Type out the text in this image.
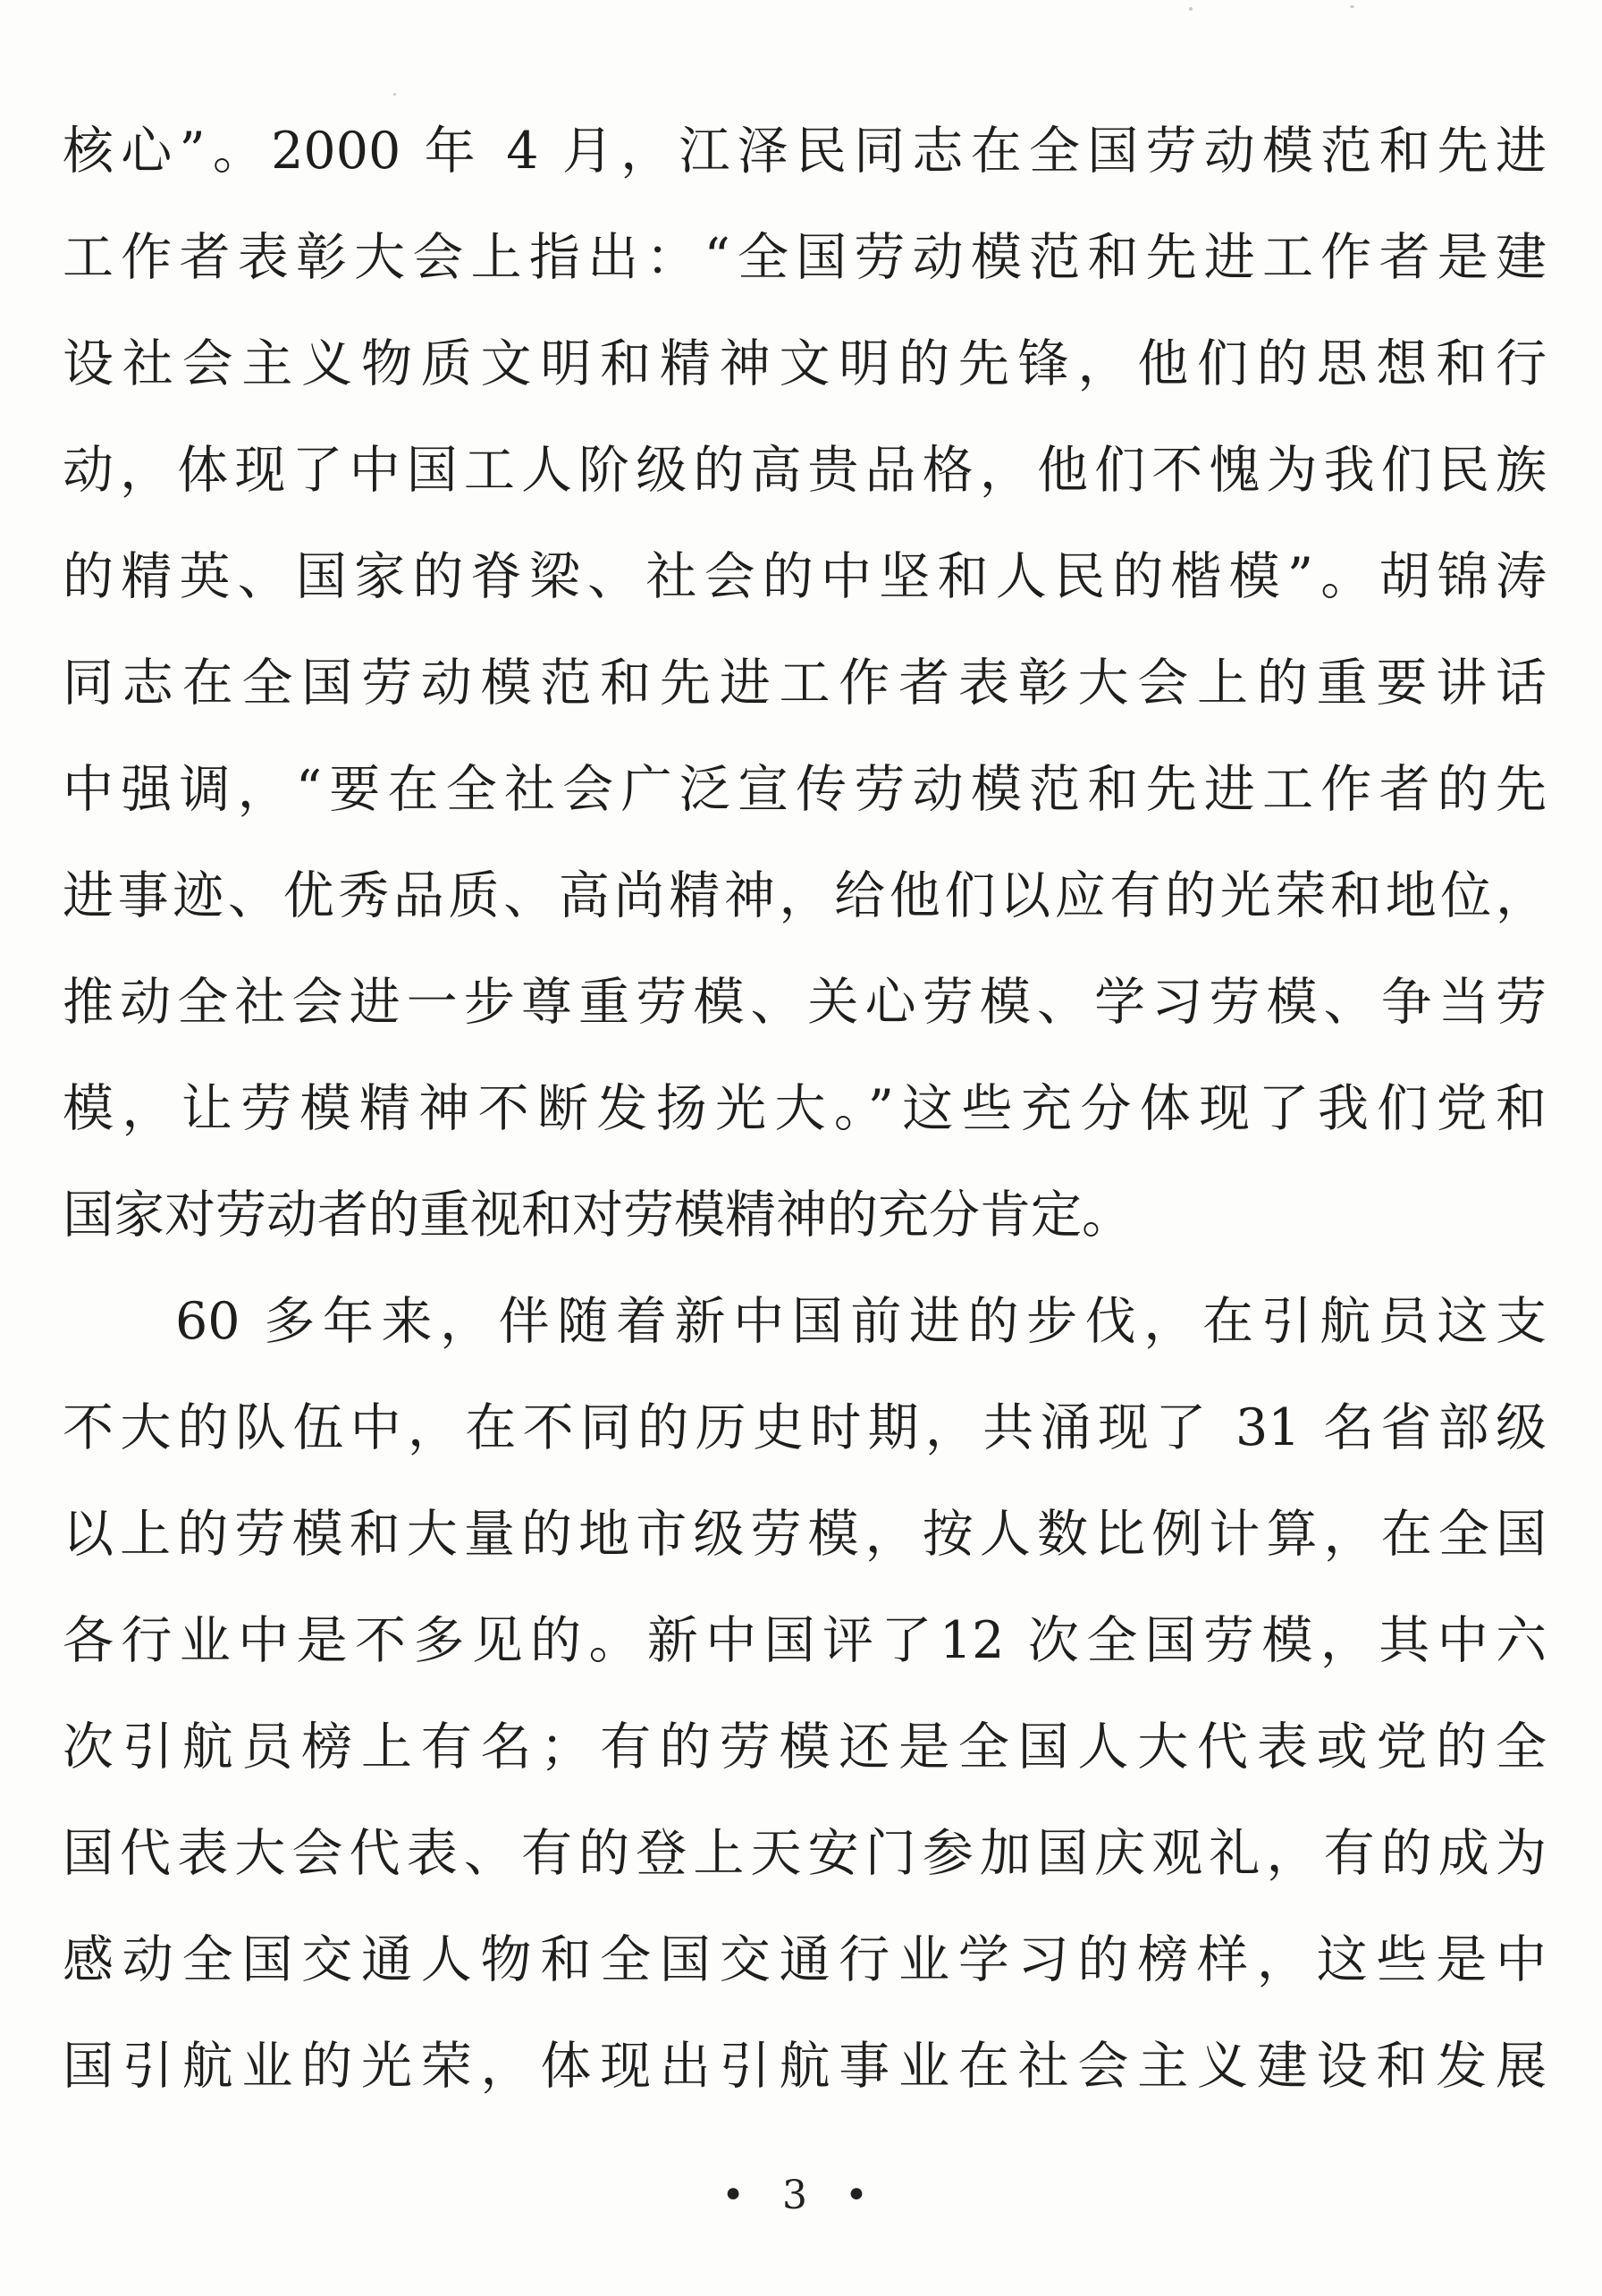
核心”。2000 年 4 月，江泽民同志在全国劳动模范和先进
工作者表彰大会上指出：“全国劳动模范和先进工作者是建
设社会主义物质文明和精神文明的先锋，他们的思想和行
动，体现了中国工人阶级的高贵品格，他们不愧为我们民族
的精英、国家的脊梁、社会的中坚和人民的楷模”。胡锦涛
同志在全国劳动模范和先进工作者表彰大会上的重要讲话
中强调，“要在全社会广泛宣传劳动模范和先进工作者的先
进事迹、优秀品质、高尚精神，给他们以应有的光荣和地位，
推动全社会进一步尊重劳模、关心劳模、学习劳模、争当劳
模，让劳模精神不断发扬光大。”这些充分体现了我们党和
国家对劳动者的重视和对劳模精神的充分肯定。
60 多年来，伴随着新中国前进的步伐，在引航员这支
不大的队伍中，在不同的历史时期，共涌现了 31 名省部级
以上的劳模和大量的地市级劳模，按人数比例计算，在全国
各行业中是不多见的。新中国评了12 次全国劳模，其中六
次引航员榜上有名；有的劳模还是全国人大代表或党的全
国代表大会代表、有的登上天安门参加国庆观礼，有的成为
感动全国交通人物和全国交通行业学习的榜样，这些是中
国引航业的光荣，体现出引航事业在社会主义建设和发展
• 3 •
